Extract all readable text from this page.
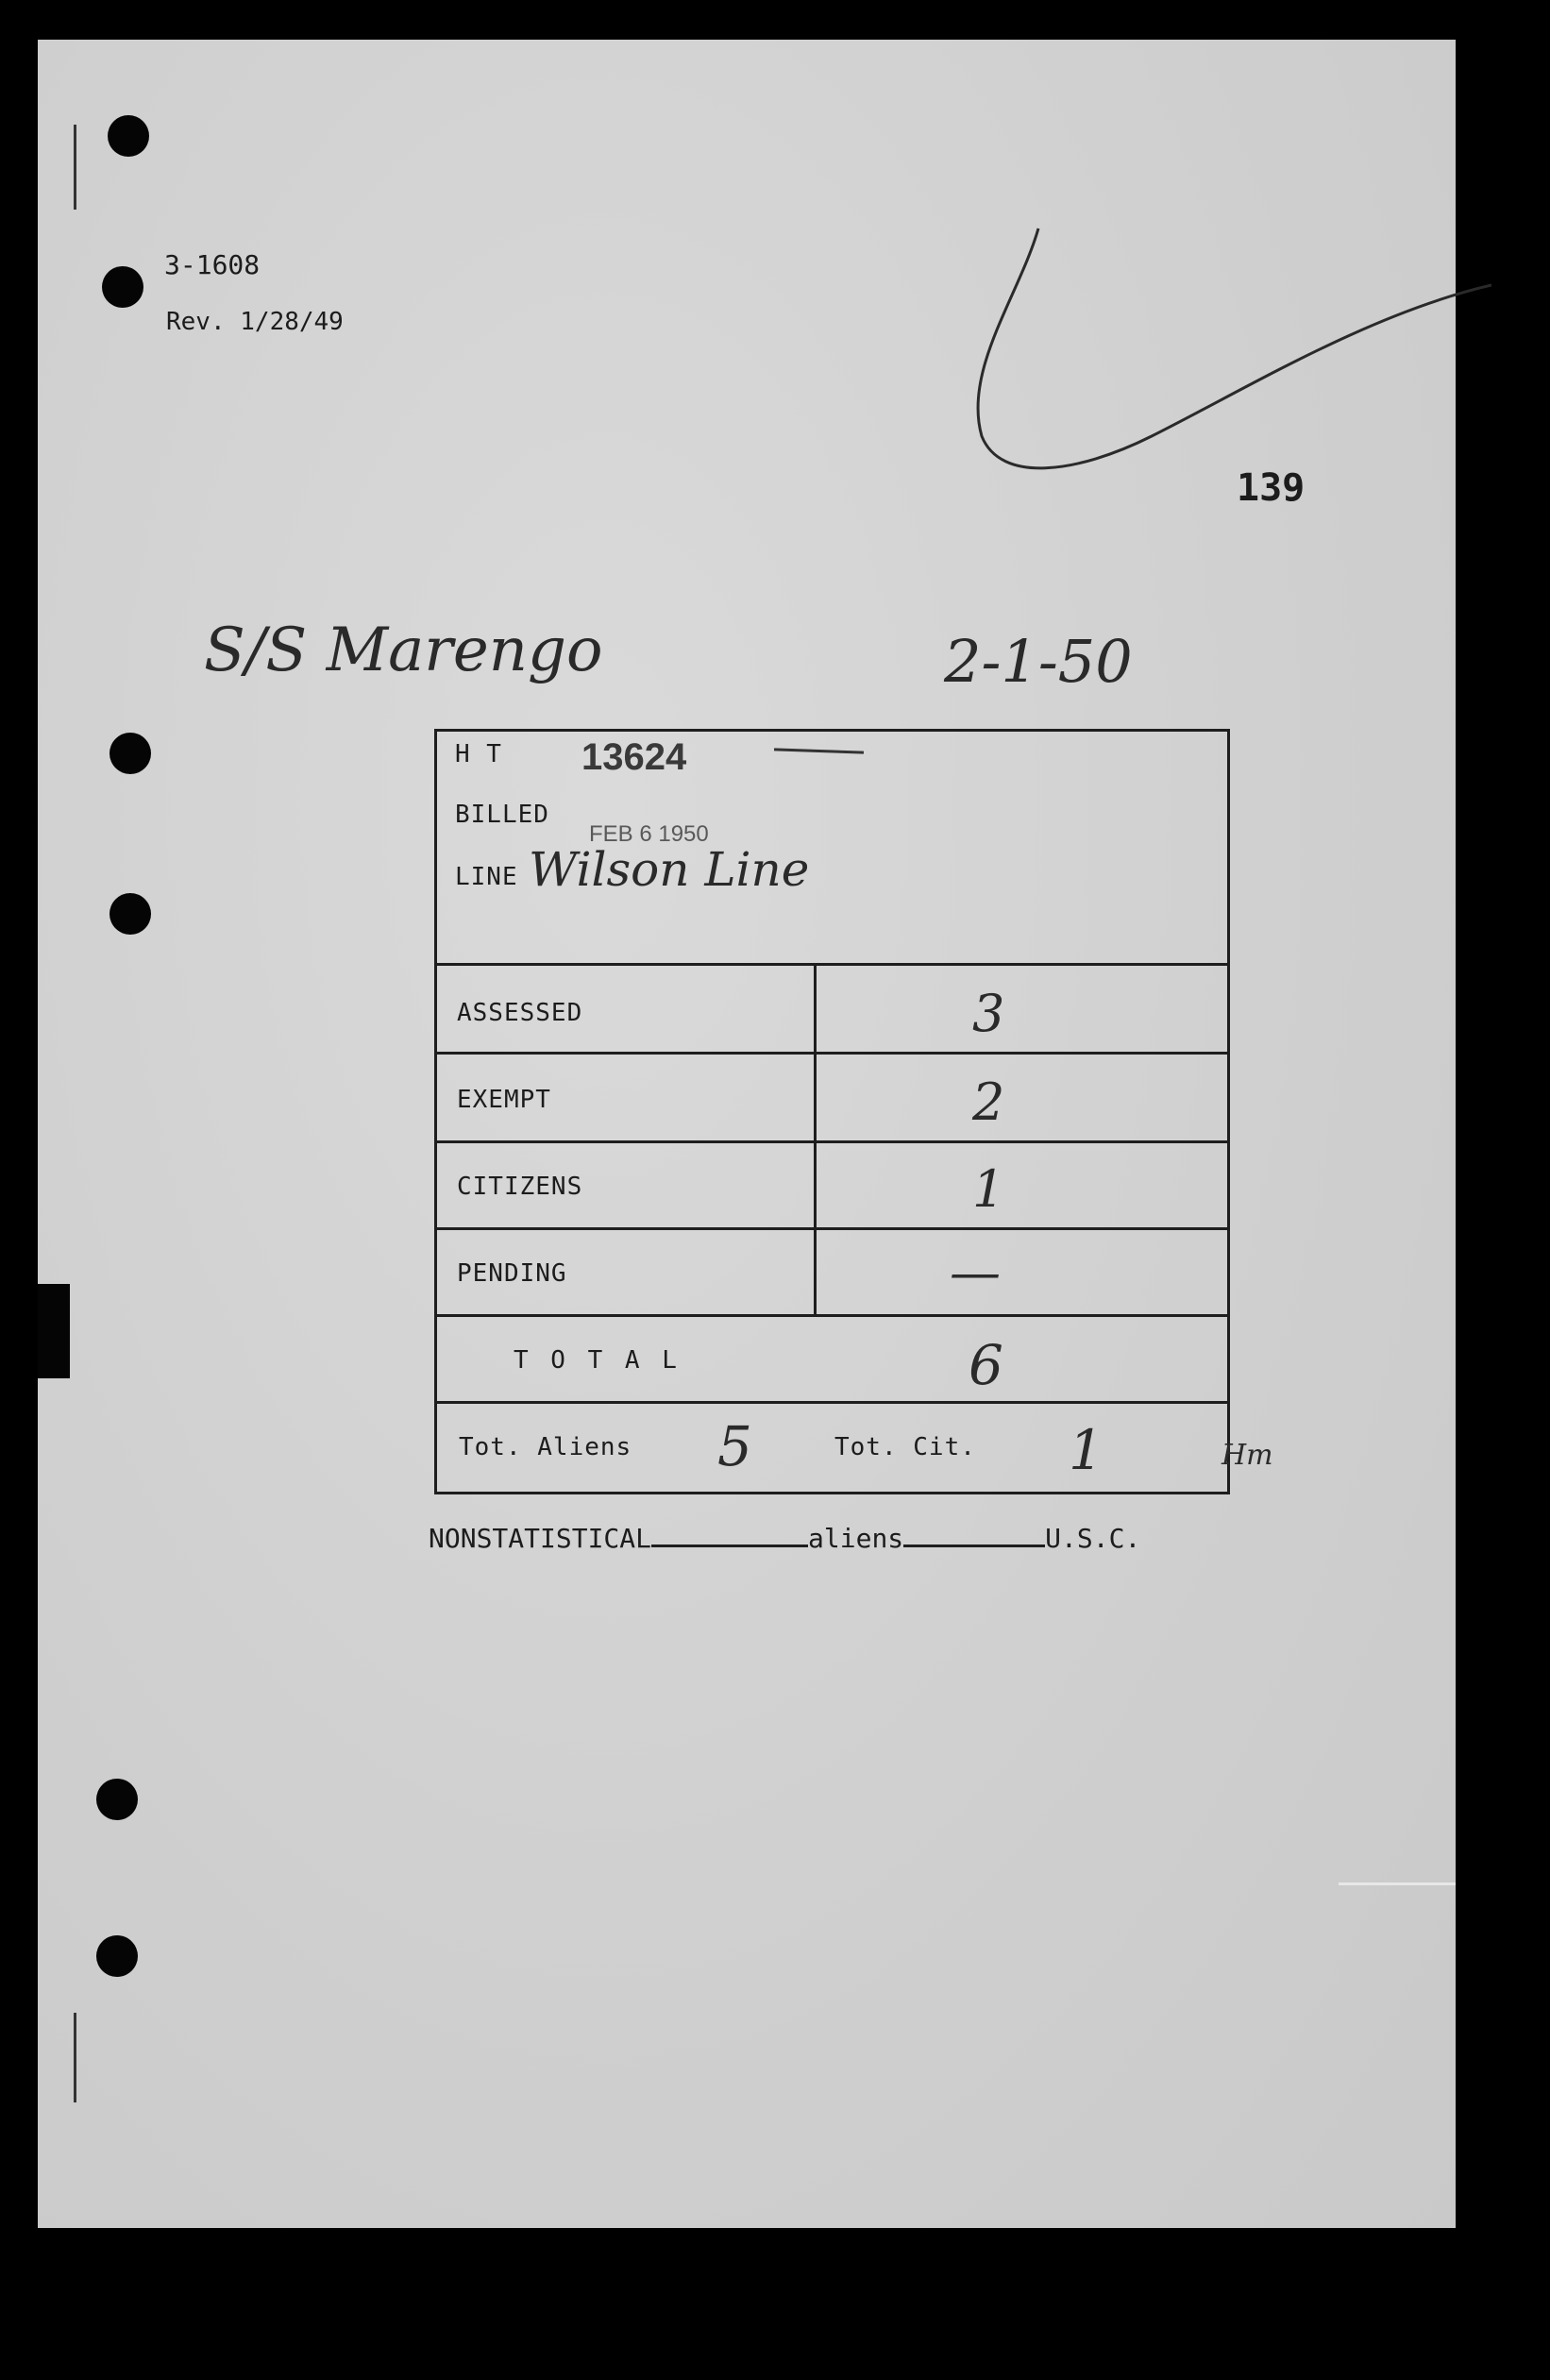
3-1608
Rev. 1/28/49
139
S/S Marengo	2-1-50
H T 13624
BILLED
FEB 6 1950
LINE Wilson Line
ASSESSED	3
EXEMPT	2
CITIZENS	1
PENDING	—
T O T A L	6
Tot. Aliens 5	Tot. Cit. 1	Hm
NONSTATISTICAL	aliens	U.S.C.
